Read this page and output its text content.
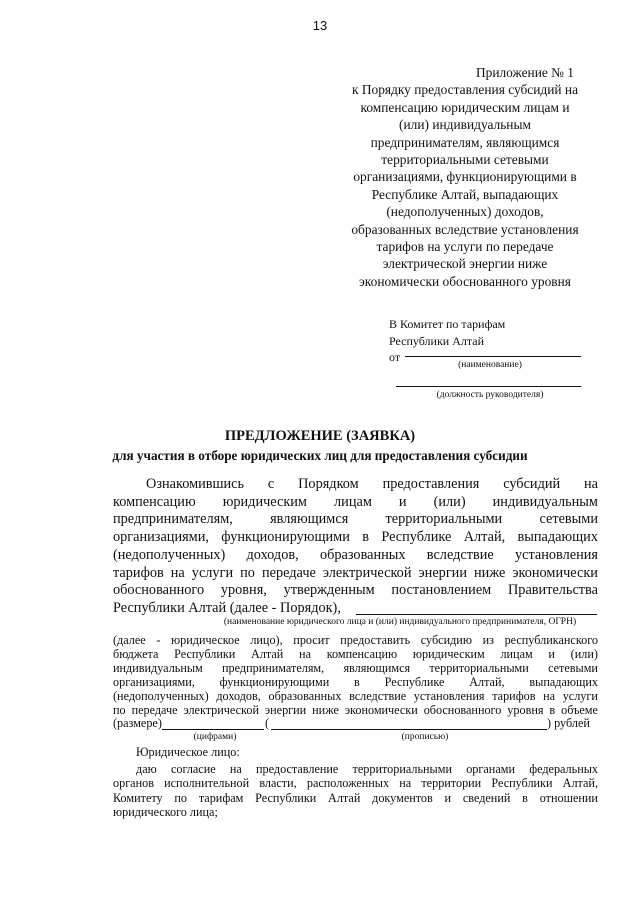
13
Приложение № 1
к Порядку предоставления субсидий на
компенсацию юридическим лицам и
(или) индивидуальным
предпринимателям, являющимся
территориальными сетевыми
организациями, функционирующими в
Республике Алтай, выпадающих
(недополученных) доходов,
образованных вследствие установления
тарифов на услуги по передаче
электрической энергии ниже
экономически обоснованного уровня
В Комитет по тарифам
Республики Алтай
от
(наименование)
(должность руководителя)
ПРЕДЛОЖЕНИЕ (ЗАЯВКА)
для участия в отборе юридических лиц для предоставления субсидии
Ознакомившись с Порядком предоставления субсидий на
компенсацию юридическим лицам и (или) индивидуальным
предпринимателям,	являющимся	территориальными	сетевыми
организациями, функционирующими в Республике Алтай, выпадающих
(недополученных) доходов, образованных вследствие установления
тарифов на услуги по передаче электрической энергии ниже экономически
обоснованного уровня, утвержденным постановлением Правительства
Республики Алтай (далее - Порядок),
(наименование юридического лица и (или) индивидуального предпринимателя, ОГРН)
(далее - юридическое лицо), просит предоставить субсидию из республиканского
бюджета Республики Алтай на компенсацию юридическим лицам и (или)
индивидуальным предпринимателям, являющимся территориальными сетевыми
организациями, функционирующими в Республике Алтай, выпадающих
(недополученных) доходов, образованных вследствие установления тарифов на услуги
по передаче электрической энергии ниже экономически обоснованного уровня в объеме
(размере)	(	) рублей
(цифрами)	(прописью)
Юридическое лицо:
даю согласие на предоставление территориальными органами федеральных
органов исполнительной власти, расположенных на территории Республики Алтай,
Комитету по тарифам Республики Алтай документов и сведений в отношении
юридического лица;
